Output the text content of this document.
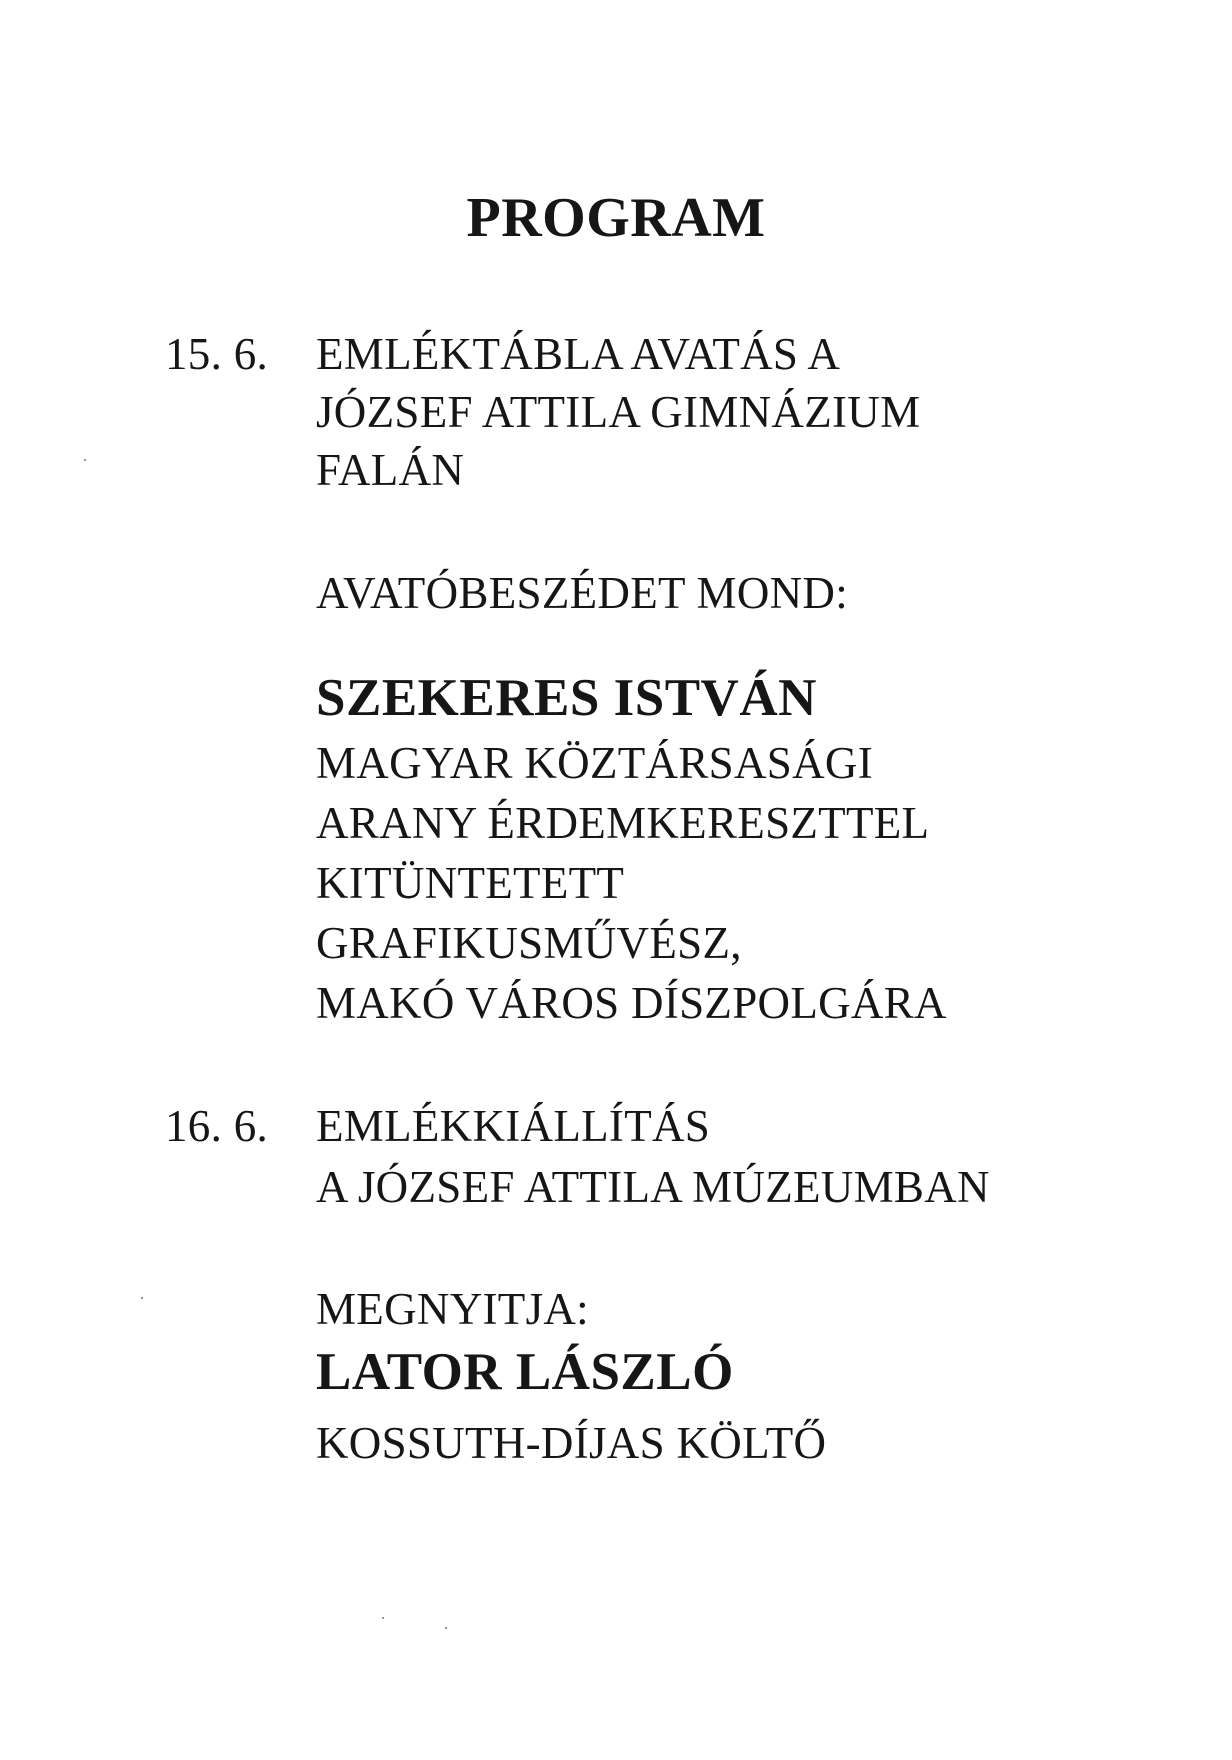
PROGRAM
15. 6. EMLÉKTÁBLA AVATÁS A
JÓZSEF ATTILA GIMNÁZIUM
FALÁN
AVATÓBESZÉDET MOND:
SZEKERES ISTVÁN
MAGYAR KÖZTÁRSASÁGI
ARANY ÉRDEMKERESZTTEL
KITÜNTETETT
GRAFIKUSMŰVÉSZ,
MAKÓ VÁROS DÍSZPOLGÁRA
16. 6. EMLÉKKIÁLLÍTÁS
A JÓZSEF ATTILA MÚZEUMBAN
MEGNYITJA:
LATOR LÁSZLÓ
KOSSUTH-DÍJAS KÖLTŐ
